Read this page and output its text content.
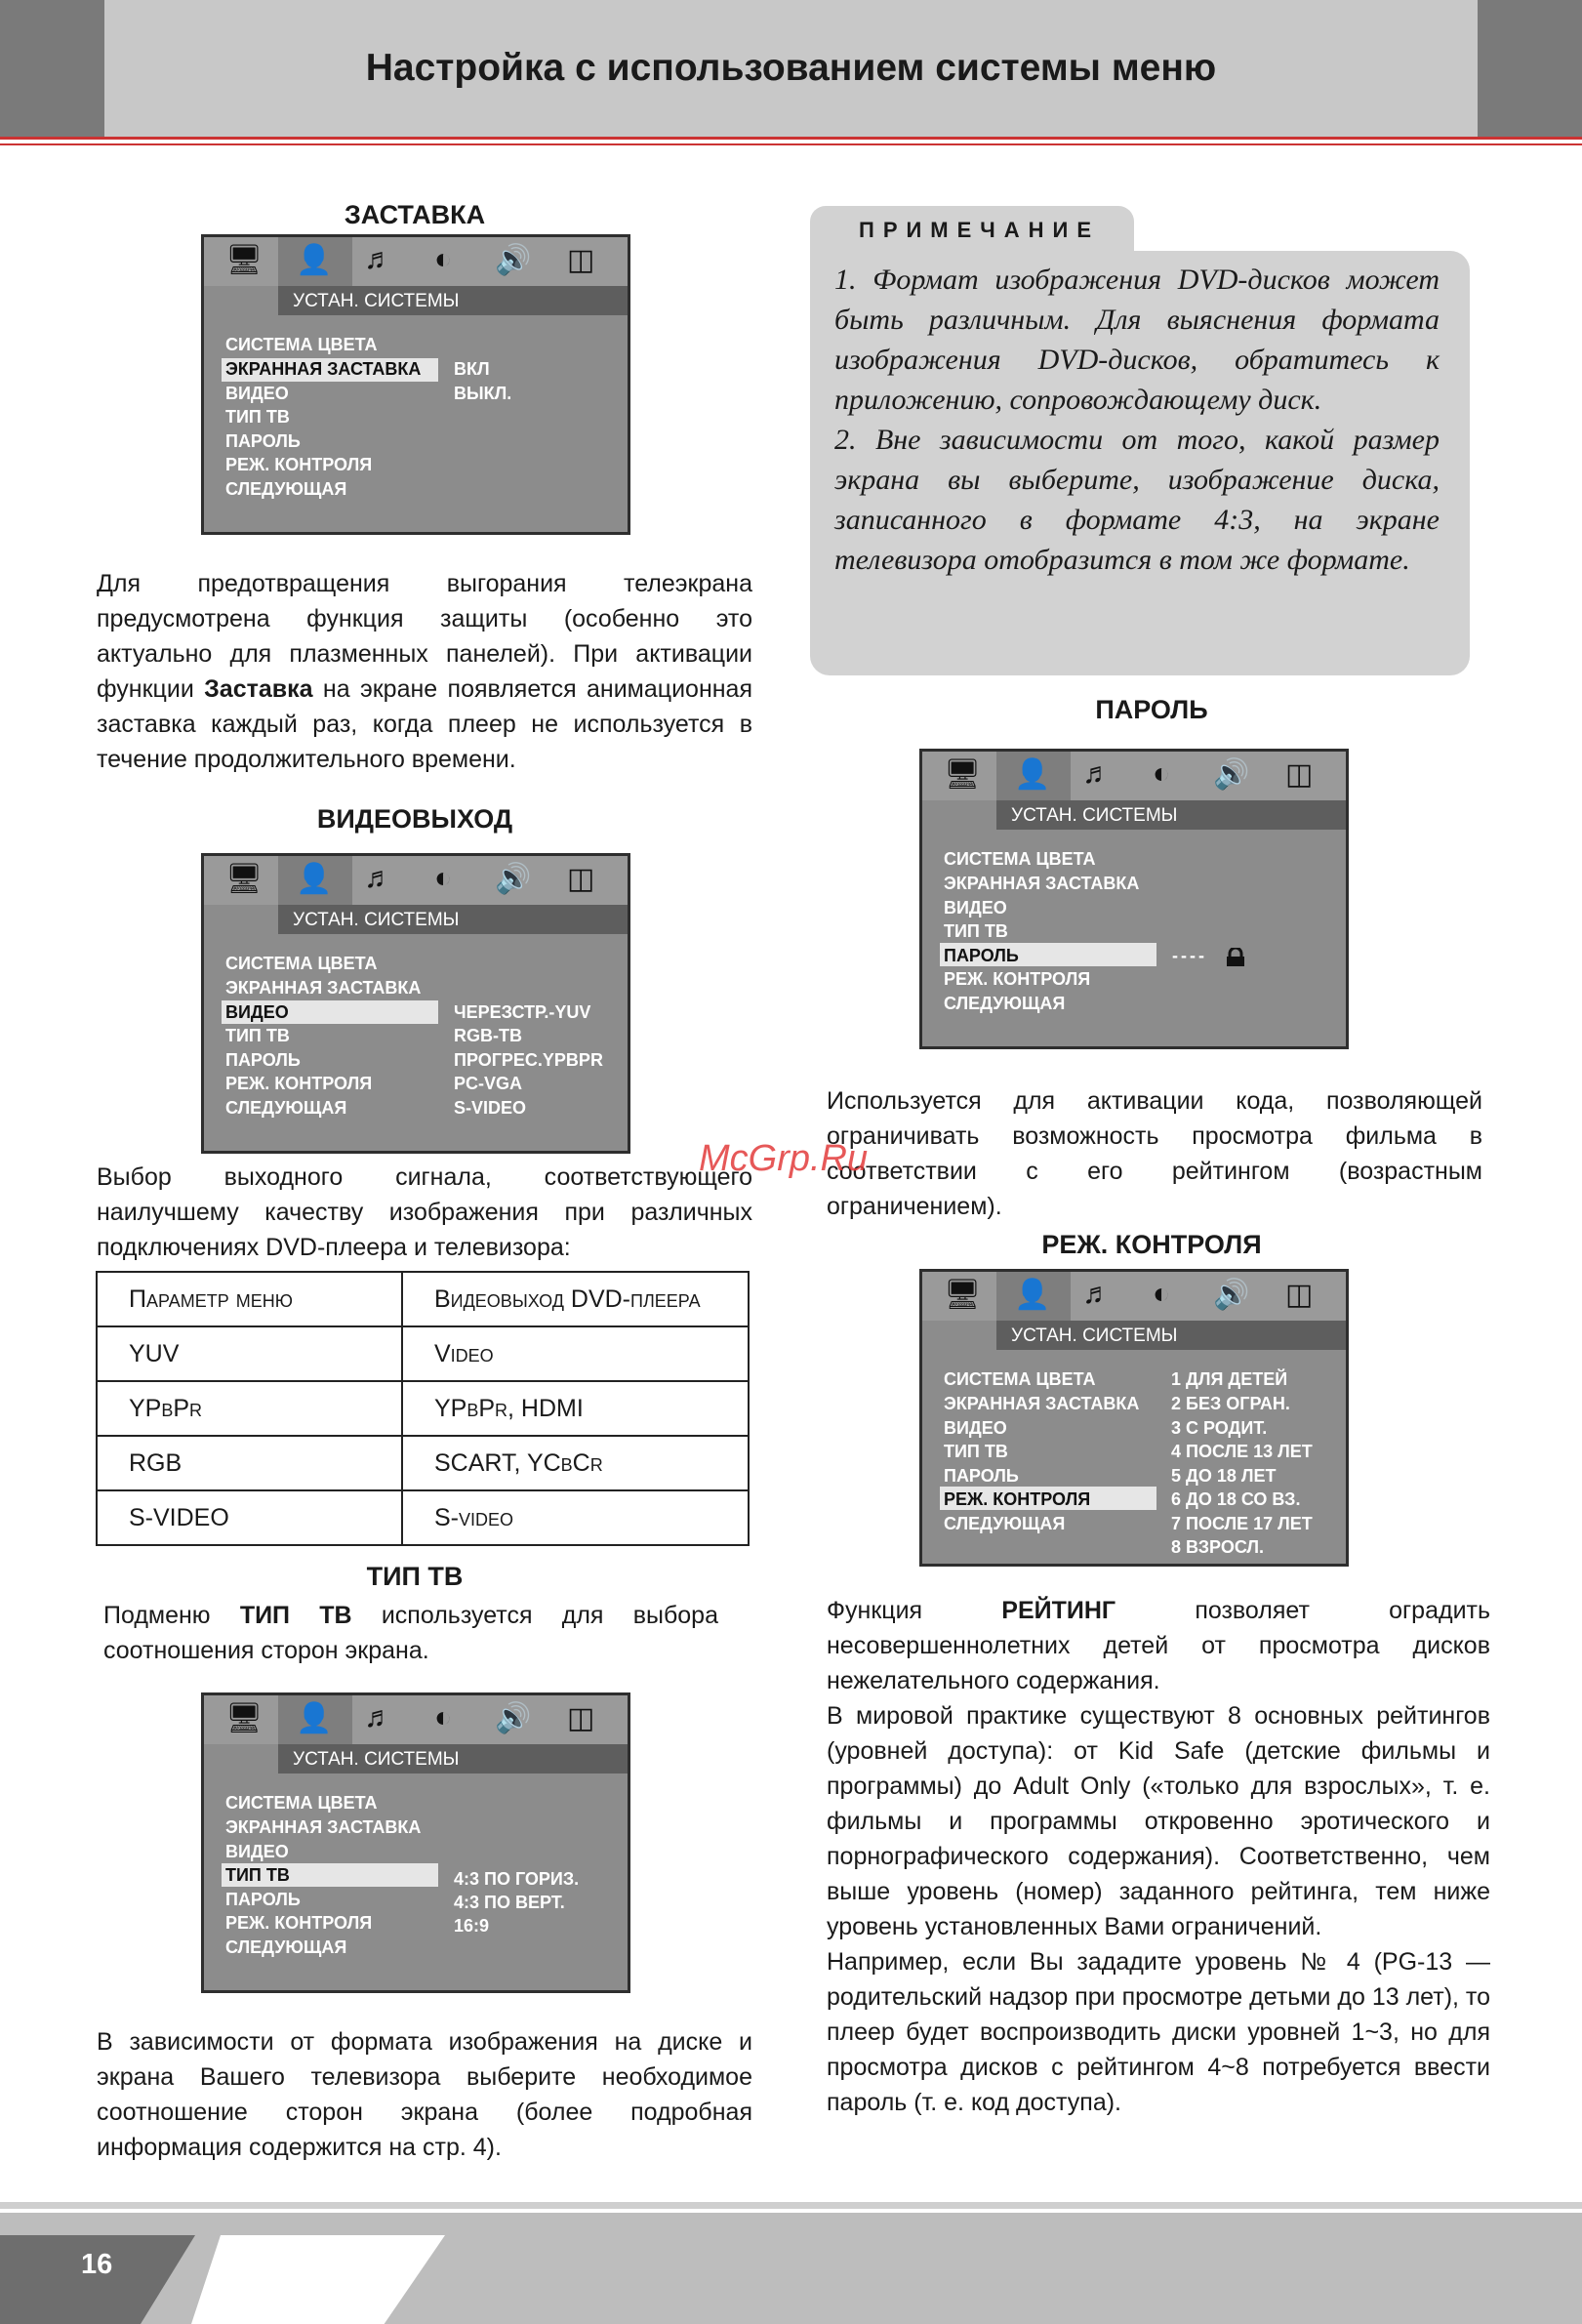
Настройка с использованием системы меню
ЗАСТАВКА
🖥 👤 ♬ ◐ 🔊 ◫
УСТАН. СИСТЕМЫ
СИСТЕМА ЦВЕТА
ЭКРАННАЯ ЗАСТАВКА
ВИДЕО
ТИП ТВ
ПАРОЛЬ
РЕЖ. КОНТРОЛЯ
СЛЕДУЮЩАЯ
ВКЛ
ВЫКЛ.
Для предотвращения выгорания телеэкрана предусмотрена функция защиты (особенно это актуально для плазменных панелей). При активации функции Заставка на экране появляется анимационная заставка каждый раз, когда плеер не используется в течение продолжительного времени.
ВИДЕОВЫХОД
🖥 👤 ♬ ◐ 🔊 ◫
УСТАН. СИСТЕМЫ
СИСТЕМА ЦВЕТА
ЭКРАННАЯ ЗАСТАВКА
ВИДЕО
ТИП ТВ
ПАРОЛЬ
РЕЖ. КОНТРОЛЯ
СЛЕДУЮЩАЯ
ЧЕРЕЗСТР.-YUV
RGB-TB
ПРОГРЕС.YPBPR
PC-VGA
S-VIDEO
Выбор выходного сигнала, соответствующего наилучшему качеству изображения при различных подключениях DVD-плеера и телевизора:
Параметр меню	Видеовыход DVD-плеера
YUV	Video
YPbPr	YPbPr, HDMI
RGB	SCART, YCbCr
S-VIDEO	S-video
ТИП ТВ
Подменю ТИП ТВ используется для выбора соотношения сторон экрана.
🖥 👤 ♬ ◐ 🔊 ◫
УСТАН. СИСТЕМЫ
СИСТЕМА ЦВЕТА
ЭКРАННАЯ ЗАСТАВКА
ВИДЕО
ТИП ТВ
ПАРОЛЬ
РЕЖ. КОНТРОЛЯ
СЛЕДУЮЩАЯ
4:3 ПО ГОРИЗ.
4:3 ПО ВЕРТ.
16:9
В зависимости от формата изображения на диске и экрана Вашего телевизора выберите необходимое соотношение сторон экрана (более подробная информация содержится на стр. 4).
ПРИМЕЧАНИЕ
1. Формат изображения DVD-дисков может быть различным. Для выяснения формата изображения DVD-дисков, обратитесь к приложению, сопровождающему диск.
2. Вне зависимости от того, какой размер экрана вы выберите, изображение диска, записанного в формате 4:3, на экране телевизора отобразится в том же формате.
ПАРОЛЬ
🖥 👤 ♬ ◐ 🔊 ◫
УСТАН. СИСТЕМЫ
СИСТЕМА ЦВЕТА
ЭКРАННАЯ ЗАСТАВКА
ВИДЕО
ТИП ТВ
ПАРОЛЬ
РЕЖ. КОНТРОЛЯ
СЛЕДУЮЩАЯ
----
Используется для активации кода, позволяющей ограничивать возможность просмотра фильма в соответствии с его рейтингом (возрастным ограничением).
РЕЖ. КОНТРОЛЯ
🖥 👤 ♬ ◐ 🔊 ◫
УСТАН. СИСТЕМЫ
СИСТЕМА ЦВЕТА
ЭКРАННАЯ ЗАСТАВКА
ВИДЕО
ТИП ТВ
ПАРОЛЬ
РЕЖ. КОНТРОЛЯ
СЛЕДУЮЩАЯ
1 ДЛЯ ДЕТЕЙ
2 БЕЗ ОГРАН.
3 С РОДИТ.
4 ПОСЛЕ 13 ЛЕТ
5 ДО 18 ЛЕТ
6 ДО 18 СО ВЗ.
7 ПОСЛЕ 17 ЛЕТ
8 ВЗРОСЛ.
Функция	РЕЙТИНГ	позволяет оградить несовершеннолетних детей от просмотра дисков нежелательного содержания.
В мировой практике существуют 8 основных рейтингов (уровней доступа): от Kid Safe (детские фильмы и программы) до Adult Only («только для взрослых», т. е. фильмы и программы откровенно эротического и порнографического содержания). Соответственно, чем выше уровень (номер) заданного рейтинга, тем ниже уровень установленных Вами ограничений.
Например, если Вы зададите уровень № 4 (PG-13 — родительский надзор при просмотре детьми до 13 лет), то плеер будет воспроизводить диски уровней 1~3, но для просмотра дисков с рейтингом 4~8 потребуется ввести пароль (т. е. код доступа).
McGrp.Ru
16
